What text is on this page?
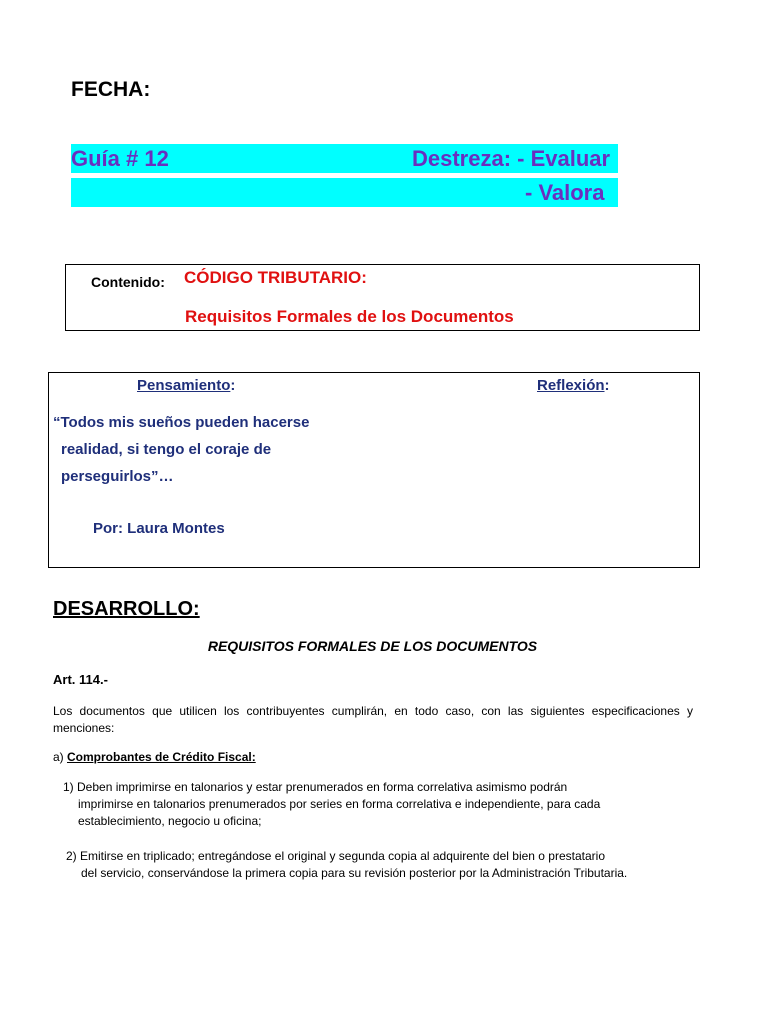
FECHA:
Guía # 12	Destreza: - Evaluar
- Valora
Contenido: CÓDIGO TRIBUTARIO:
Requisitos Formales de los Documentos
Pensamiento:	Reflexión:
“Todos mis sueños pueden hacerse
realidad, si tengo el coraje de
perseguirlos”…
Por: Laura Montes
DESARROLLO:
REQUISITOS FORMALES DE LOS DOCUMENTOS
Art. 114.-
Los documentos que utilicen los contribuyentes cumplirán, en todo caso, con las siguientes especificaciones y menciones:
a) Comprobantes de Crédito Fiscal:
1) Deben imprimirse en talonarios y estar prenumerados en forma correlativa asimismo podrán
imprimirse en talonarios prenumerados por series en forma correlativa e independiente, para cada
establecimiento, negocio u oficina;
2) Emitirse en triplicado; entregándose el original y segunda copia al adquirente del bien o prestatario
del servicio, conservándose la primera copia para su revisión posterior por la Administración Tributaria.
